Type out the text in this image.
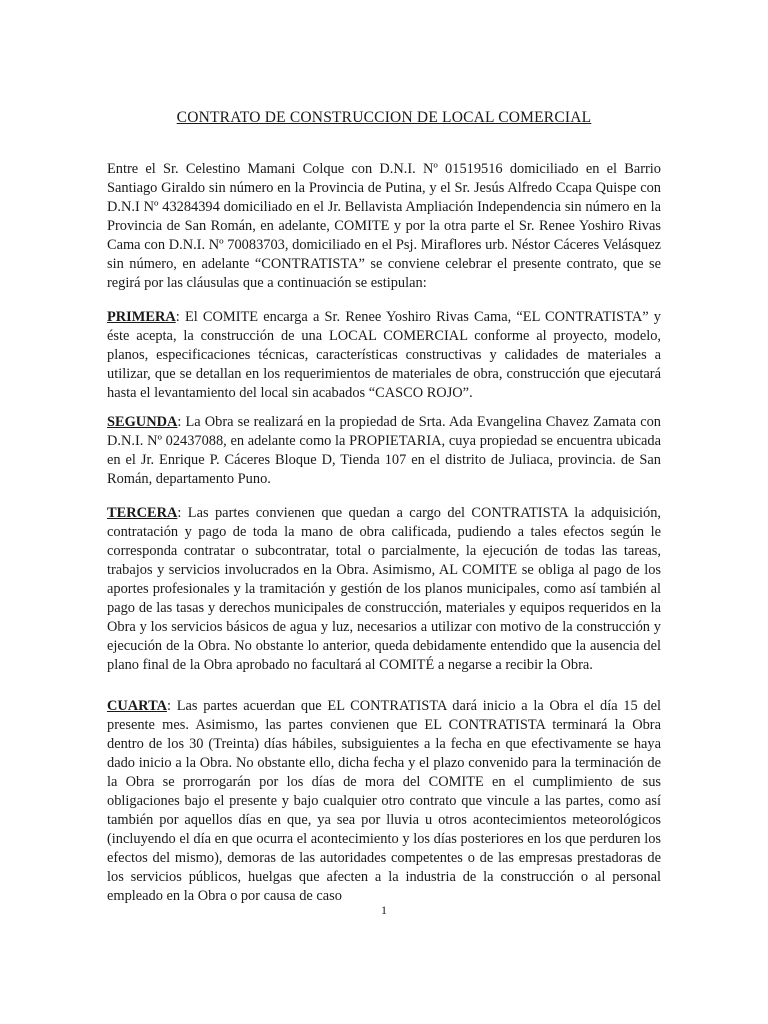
CONTRATO DE CONSTRUCCION DE LOCAL COMERCIAL

Entre el Sr. Celestino Mamani Colque con D.N.I. Nº 01519516 domiciliado en el Barrio Santiago Giraldo sin número en la Provincia de Putina, y el Sr. Jesús Alfredo Ccapa Quispe con D.N.I Nº 43284394 domiciliado en el Jr. Bellavista Ampliación Independencia sin número en la Provincia de San Román, en adelante, COMITE y por la otra parte el Sr. Renee Yoshiro Rivas Cama con D.N.I. Nº 70083703, domiciliado en el Psj. Miraflores urb. Néstor Cáceres Velásquez sin número, en adelante “CONTRATISTA” se conviene celebrar el presente contrato, que se regirá por las cláusulas que a continuación se estipulan:

PRIMERA: El COMITE encarga a Sr. Renee Yoshiro Rivas Cama, “EL CONTRATISTA” y éste acepta, la construcción de una LOCAL COMERCIAL conforme al proyecto, modelo, planos, especificaciones técnicas, características constructivas y calidades de materiales a utilizar, que se detallan en los requerimientos de materiales de obra, construcción que ejecutará hasta el levantamiento del local sin acabados “CASCO ROJO”.

SEGUNDA: La Obra se realizará en la propiedad de Srta. Ada Evangelina Chavez Zamata con D.N.I. Nº 02437088, en adelante como la PROPIETARIA, cuya propiedad se encuentra ubicada en el Jr. Enrique P. Cáceres Bloque D, Tienda 107 en el distrito de Juliaca, provincia. de San Román, departamento Puno.

TERCERA: Las partes convienen que quedan a cargo del CONTRATISTA la adquisición, contratación y pago de toda la mano de obra calificada, pudiendo a tales efectos según le corresponda contratar o subcontratar, total o parcialmente, la ejecución de todas las tareas, trabajos y servicios involucrados en la Obra. Asimismo, AL COMITE se obliga al pago de los aportes profesionales y la tramitación y gestión de los planos municipales, como así también al pago de las tasas y derechos municipales de construcción, materiales y equipos requeridos en la Obra y los servicios básicos de agua y luz, necesarios a utilizar con motivo de la construcción y ejecución de la Obra. No obstante lo anterior, queda debidamente entendido que la ausencia del plano final de la Obra aprobado no facultará al COMITÉ a negarse a recibir la Obra.

CUARTA: Las partes acuerdan que EL CONTRATISTA dará inicio a la Obra el día 15 del presente mes. Asimismo, las partes convienen que EL CONTRATISTA terminará la Obra dentro de los 30 (Treinta) días hábiles, subsiguientes a la fecha en que efectivamente se haya dado inicio a la Obra. No obstante ello, dicha fecha y el plazo convenido para la terminación de la Obra se prorrogarán por los días de mora del COMITE en el cumplimiento de sus obligaciones bajo el presente y bajo cualquier otro contrato que vincule a las partes, como así también por aquellos días en que, ya sea por lluvia u otros acontecimientos meteorológicos (incluyendo el día en que ocurra el acontecimiento y los días posteriores en los que perduren los efectos del mismo), demoras de las autoridades competentes o de las empresas prestadoras de los servicios públicos, huelgas que afecten a la industria de la construcción o al personal empleado en la Obra o por causa de caso

1
